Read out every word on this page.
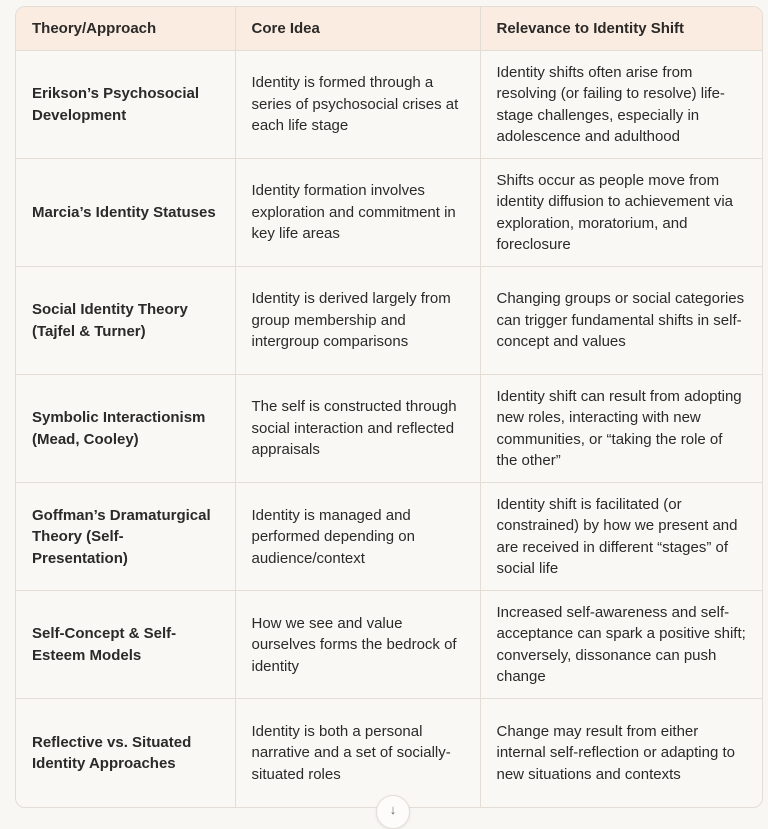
Theory/Approach	Core Idea	Relevance to Identity Shift
Erikson’s Psychosocial Development	Identity is formed through a series of psychosocial crises at each life stage	Identity shifts often arise from resolving (or failing to resolve) life-stage challenges, especially in adolescence and adulthood
Marcia’s Identity Statuses	Identity formation involves exploration and commitment in key life areas	Shifts occur as people move from identity diffusion to achievement via exploration, moratorium, and foreclosure
Social Identity Theory (Tajfel & Turner)	Identity is derived largely from group membership and intergroup comparisons	Changing groups or social categories can trigger fundamental shifts in self-concept and values
Symbolic Interactionism (Mead, Cooley)	The self is constructed through social interaction and reflected appraisals	Identity shift can result from adopting new roles, interacting with new communities, or “taking the role of the other”
Goffman’s Dramaturgical Theory (Self-Presentation)	Identity is managed and performed depending on audience/context	Identity shift is facilitated (or constrained) by how we present and are received in different “stages” of social life
Self-Concept & Self-Esteem Models	How we see and value ourselves forms the bedrock of identity	Increased self-awareness and self-acceptance can spark a positive shift; conversely, dissonance can push change
Reflective vs. Situated Identity Approaches	Identity is both a personal narrative and a set of socially-situated roles	Change may result from either internal self-reflection or adapting to new situations and contexts
↓
